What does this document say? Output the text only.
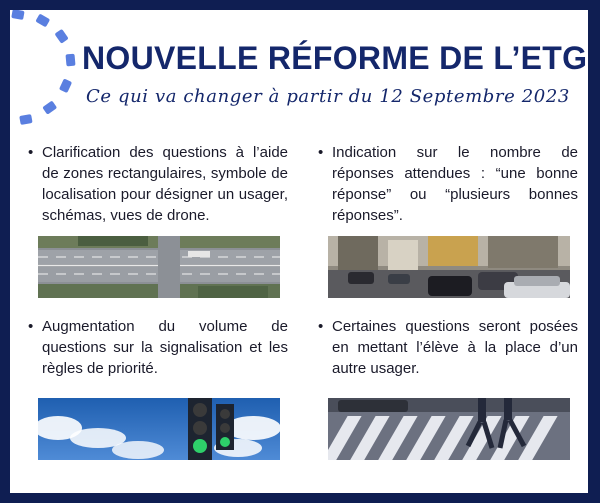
NOUVELLE RÉFORME DE L’ETG
Ce qui va changer à partir du 12 Septembre 2023

• Clarification des questions à l’aide de zones rectangulaires, symbole de localisation pour désigner un usager, schémas, vues de drone.

• Indication sur le nombre de réponses attendues : “une bonne réponse” ou “plusieurs bonnes réponses”.

• Augmentation du volume de questions sur la signalisation et les règles de priorité.

• Certaines questions seront posées en mettant l’élève à la place d’un autre usager.
